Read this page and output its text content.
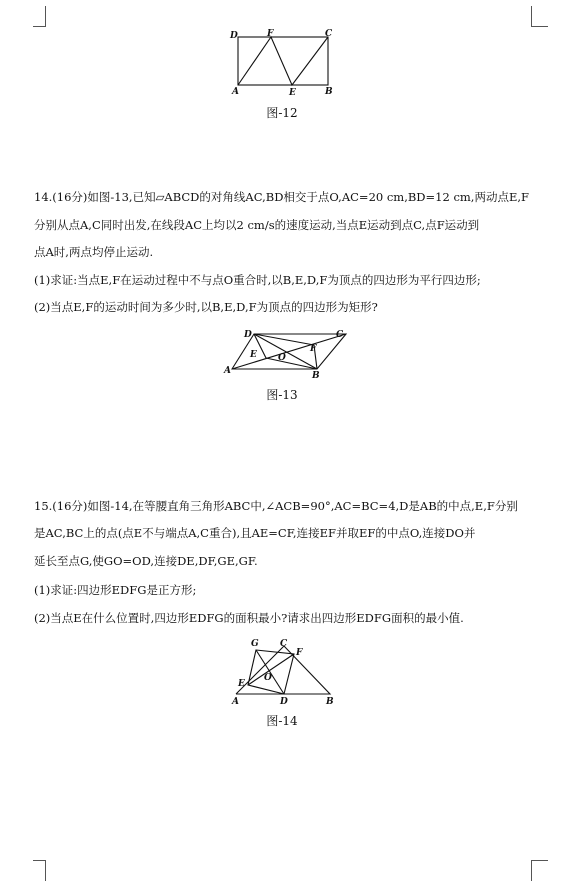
D	F	C
A	E	B
图-12
14.(16分)如图-13,已知▱ABCD的对角线AC,BD相交于点O,AC=20 cm,BD=12 cm,两动点E,F
分别从点A,C同时出发,在线段AC上均以2 cm/s的速度运动,当点E运动到点C,点F运动到
点A时,两点均停止运动.
(1)求证:当点E,F在运动过程中不与点O重合时,以B,E,D,F为顶点的四边形为平行四边形;
(2)当点E,F的运动时间为多少时,以B,E,D,F为顶点的四边形为矩形?
D	C
E O
F
A	B
图-13
15.(16分)如图-14,在等腰直角三角形ABC中,∠ACB=90°,AC=BC=4,D是AB的中点,E,F分别
是AC,BC上的点(点E不与端点A,C重合),且AE=CF,连接EF并取EF的中点O,连接DO并
延长至点G,使GO=OD,连接DE,DF,GE,GF.
(1)求证:四边形EDFG是正方形;
(2)当点E在什么位置时,四边形EDFG的面积最小?请求出四边形EDFG面积的最小值.
G C
F
O
E
A	D	B
图-14
